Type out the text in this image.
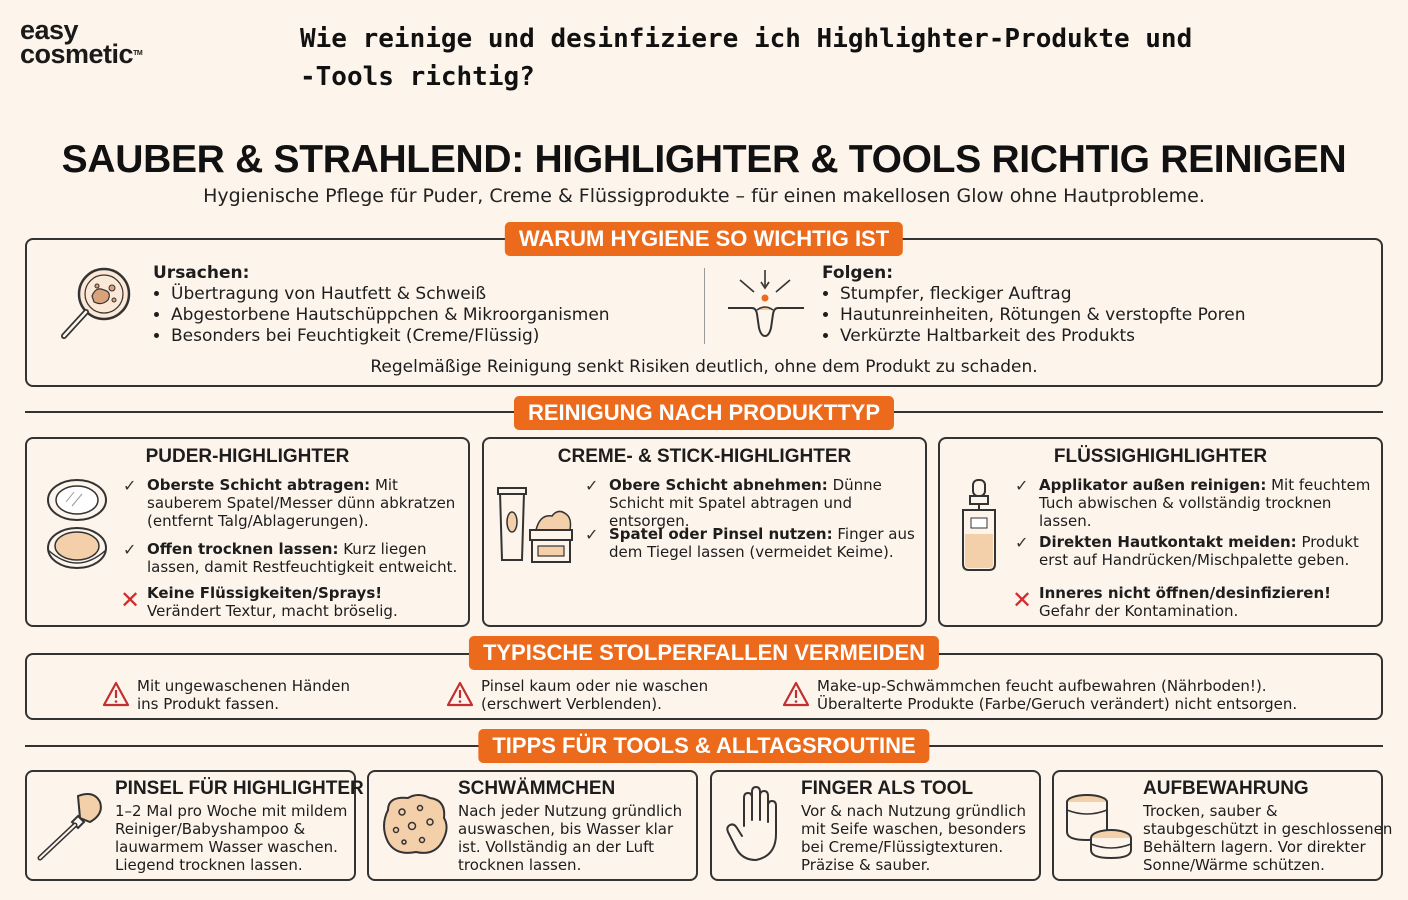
easy
cosmetic™	Wie reinige und desinfiziere ich Highlighter-Produkte und -Tools richtig?
SAUBER & STRAHLEND: HIGHLIGHTER & TOOLS RICHTIG REINIGEN
Hygienische Pflege für Puder, Creme & Flüssigprodukte – für einen makellosen Glow ohne Hautprobleme.
WARUM HYGIENE SO WICHTIG IST
Ursachen:
• Übertragung von Hautfett & Schweiß
• Abgestorbene Hautschüppchen & Mikroorganismen
• Besonders bei Feuchtigkeit (Creme/Flüssig)
Folgen:
• Stumpfer, fleckiger Auftrag
• Hautunreinheiten, Rötungen & verstopfte Poren
• Verkürzte Haltbarkeit des Produkts
Regelmäßige Reinigung senkt Risiken deutlich, ohne dem Produkt zu schaden.
REINIGUNG NACH PRODUKTTYP
PUDER-HIGHLIGHTER
✓ Oberste Schicht abtragen: Mit sauberem Spatel/Messer dünn abkratzen (entfernt Talg/Ablagerungen).
✓ Offen trocknen lassen: Kurz liegen lassen, damit Restfeuchtigkeit entweicht.
✕ Keine Flüssigkeiten/Sprays! Verändert Textur, macht bröselig.
CREME- & STICK-HIGHLIGHTER
✓ Obere Schicht abnehmen: Dünne Schicht mit Spatel abtragen und entsorgen.
✓ Spatel oder Pinsel nutzen: Finger aus dem Tiegel lassen (vermeidet Keime).
FLÜSSIGHIGHLIGHTER
✓ Applikator außen reinigen: Mit feuchtem Tuch abwischen & vollständig trocknen lassen.
✓ Direkten Hautkontakt meiden: Produkt erst auf Handrücken/Mischpalette geben.
✕ Inneres nicht öffnen/desinfizieren!
Gefahr der Kontamination.
TYPISCHE STOLPERFALLEN VERMEIDEN
Mit ungewaschenen Händen
ins Produkt fassen.
Pinsel kaum oder nie waschen
(erschwert Verblenden).
Make-up-Schwämmchen feucht aufbewahren (Nährboden!).
Überalterte Produkte (Farbe/Geruch verändert) nicht entsorgen.
TIPPS FÜR TOOLS & ALLTAGSROUTINE
PINSEL FÜR HIGHLIGHTER
1–2 Mal pro Woche mit mildem
Reiniger/Babyshampoo &
lauwarmem Wasser waschen.
Liegend trocknen lassen.
SCHWÄMMCHEN
Nach jeder Nutzung gründlich
auswaschen, bis Wasser klar
ist. Vollständig an der Luft
trocknen lassen.
FINGER ALS TOOL
Vor & nach Nutzung gründlich
mit Seife waschen, besonders
bei Creme/Flüssigtexturen.
Präzise & sauber.
AUFBEWAHRUNG
Trocken, sauber &
staubgeschützt in geschlossenen
Behältern lagern. Vor direkter
Sonne/Wärme schützen.
